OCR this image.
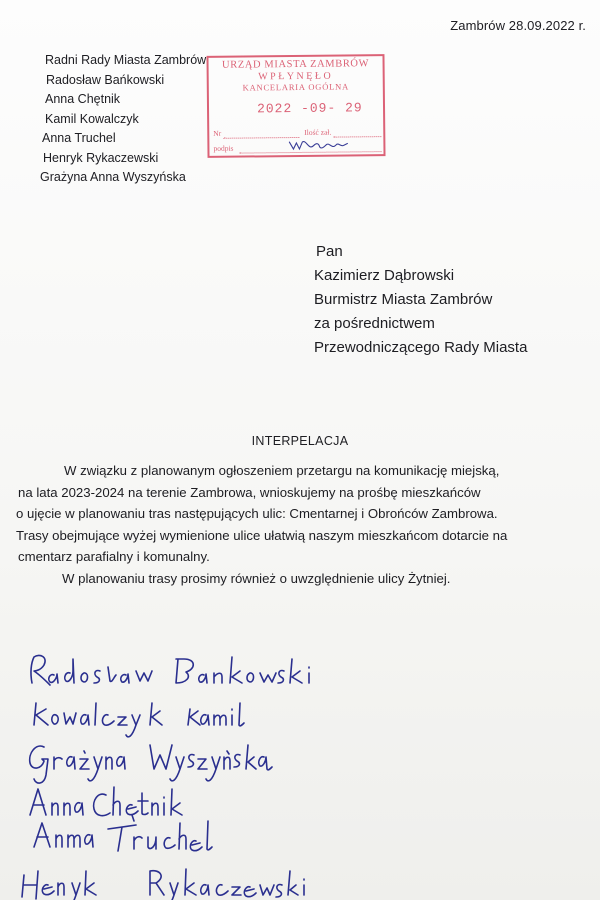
Zambrów 28.09.2022 r.
Radni Rady Miasta Zambrów
Radosław Bańkowski
Anna Chętnik
Kamil Kowalczyk
Anna Truchel
Henryk Rykaczewski
Grażyna Anna Wyszyńska
URZĄD MIASTA ZAMBRÓW
WPŁYNĘŁO
KANCELARIA OGÓLNA
2022 -09- 29
Nr	Ilość zał.
podpis
Pan
Kazimierz Dąbrowski
Burmistrz Miasta Zambrów
za pośrednictwem
Przewodniczącego Rady Miasta
INTERPELACJA
W związku z planowanym ogłoszeniem przetargu na komunikację miejską,
na lata 2023-2024 na terenie Zambrowa, wnioskujemy na prośbę mieszkańców
o ujęcie w planowaniu tras następujących ulic: Cmentarnej i Obrońców Zambrowa.
Trasy obejmujące wyżej wymienione ulice ułatwią naszym mieszkańcom dotarcie na
cmentarz parafialny i komunalny.
W planowaniu trasy prosimy również o uwzględnienie ulicy Żytniej.
